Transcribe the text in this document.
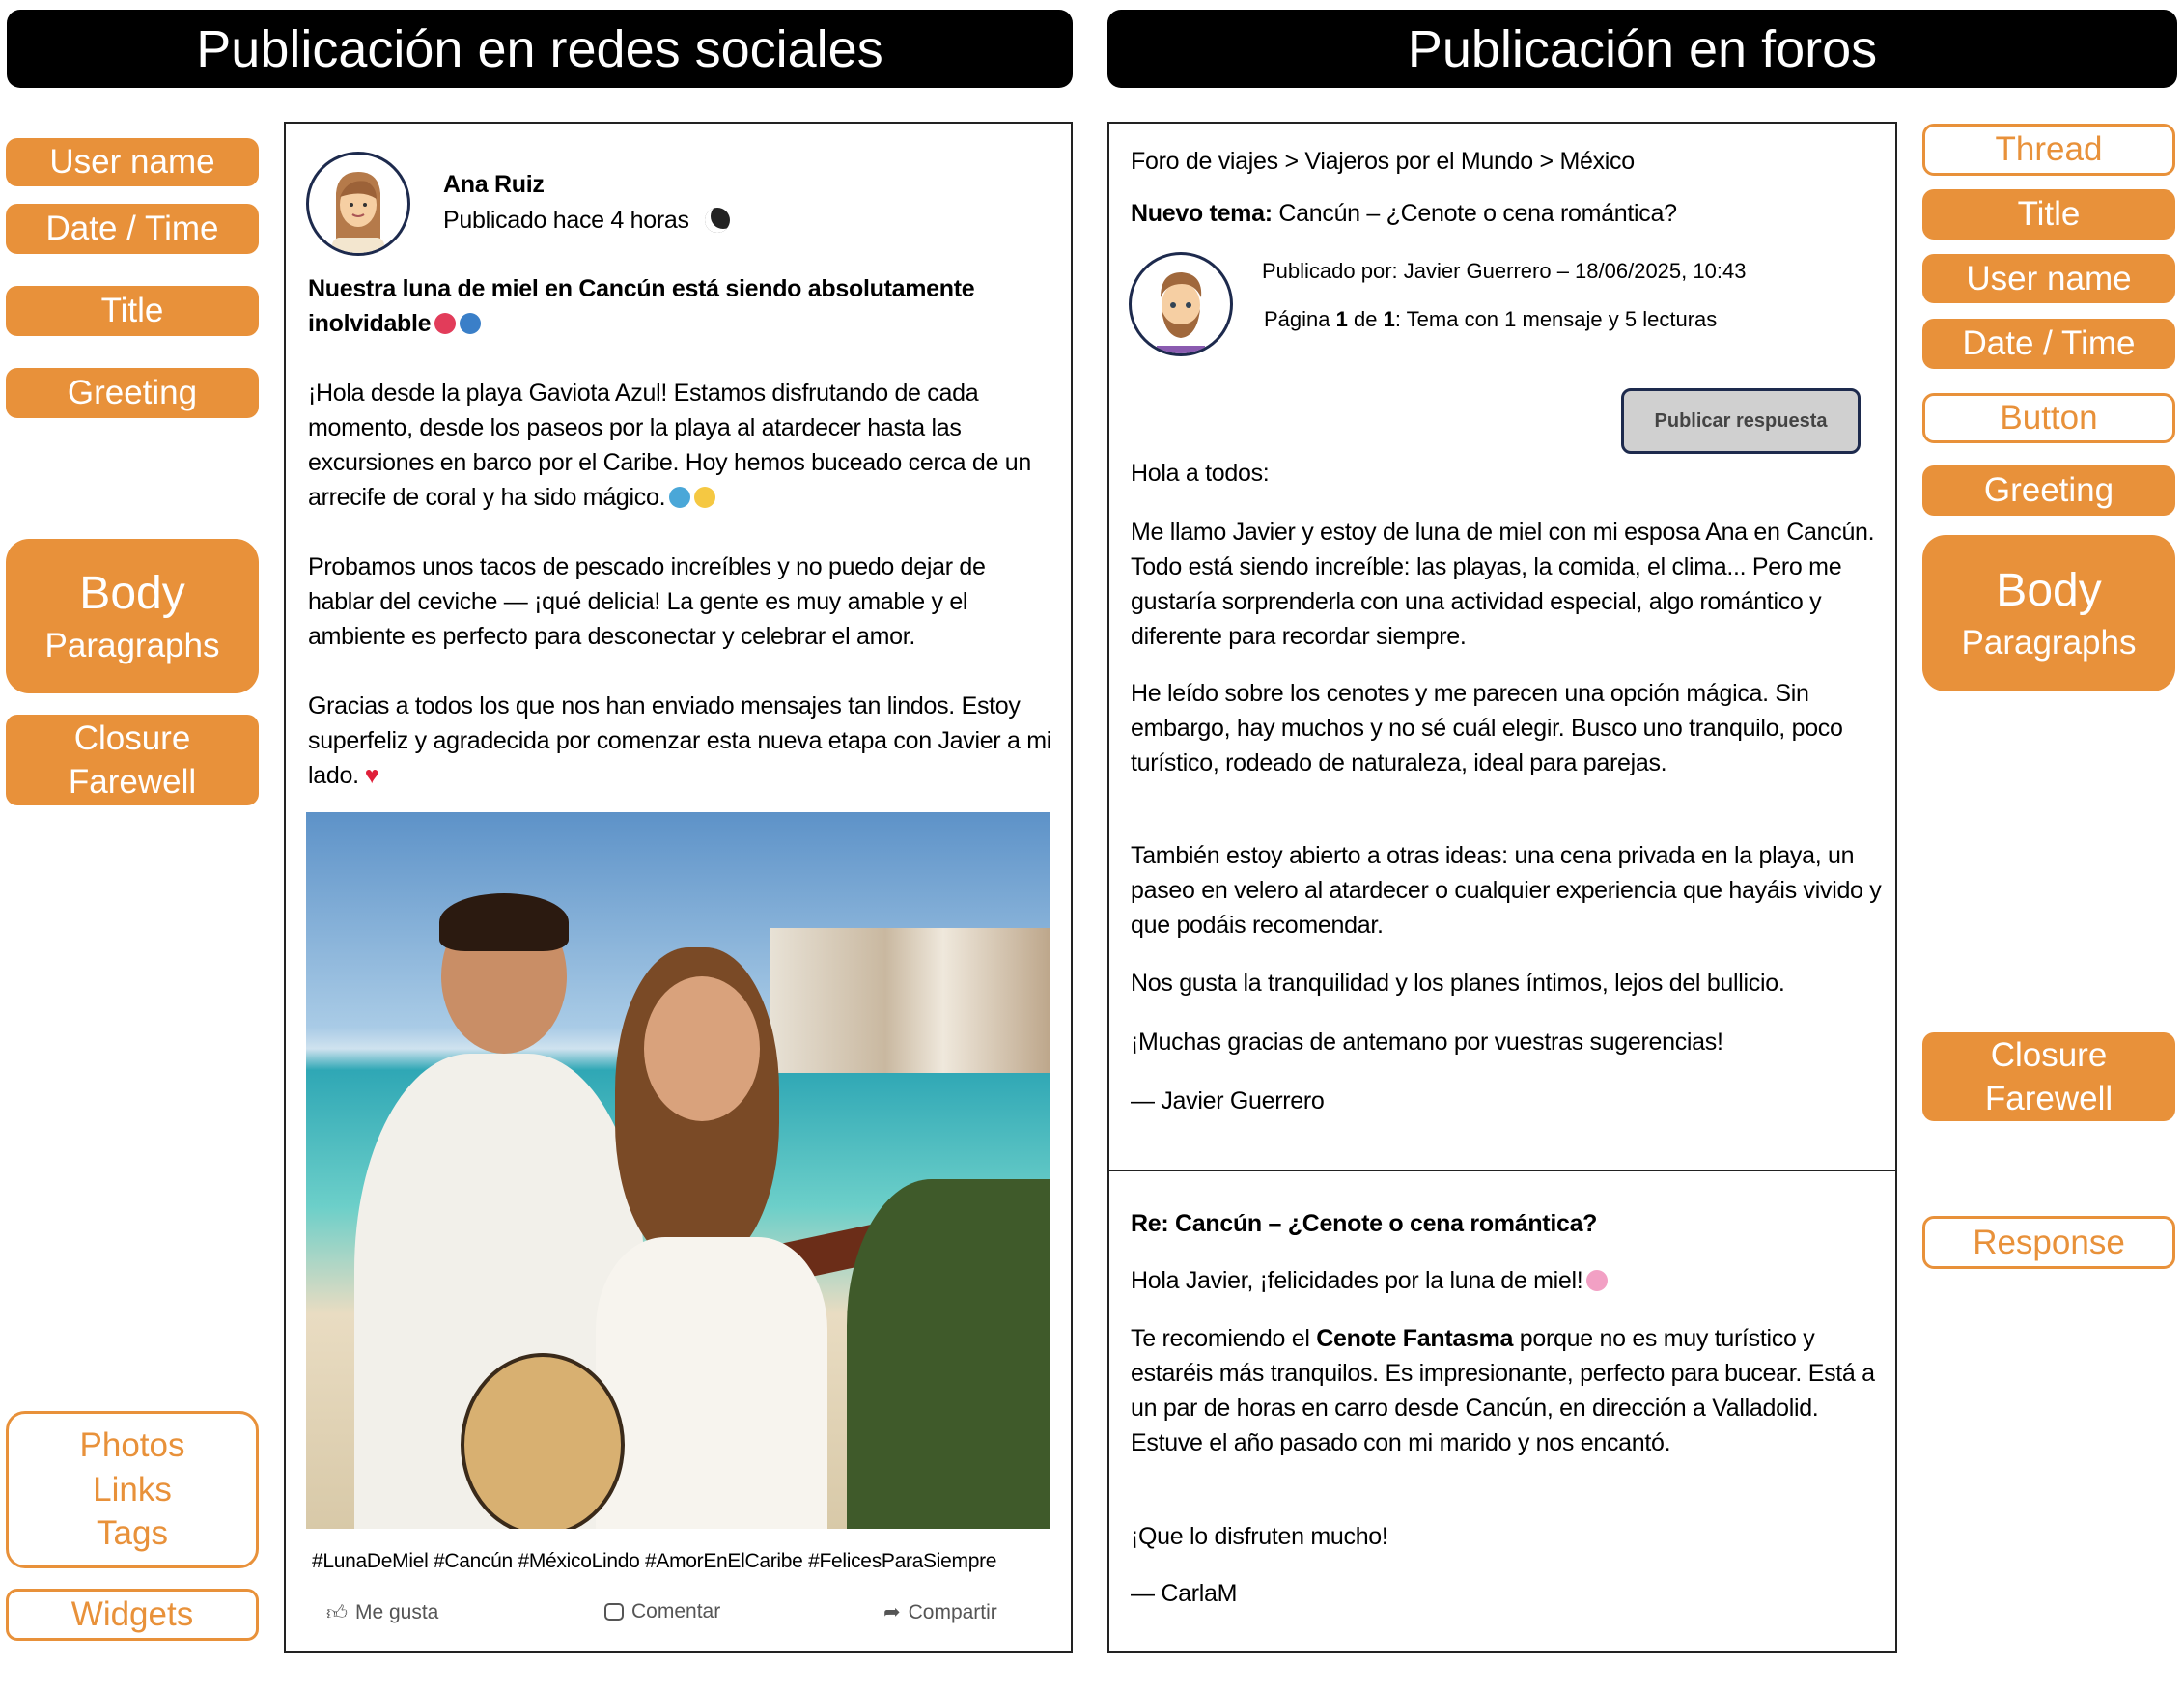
Publicación en redes sociales	Publicación en foros
User name
Date / Time
Title
Greeting
Body
Paragraphs
Closure
Farewell
Photos
Links
Tags
Widgets
Thread
Title
User name
Date / Time
Button
Greeting
Body
Paragraphs
Closure
Farewell
Response
Ana Ruiz
Publicado hace 4 horas
Nuestra luna de miel en Cancún está siendo absolutamente inolvidable
¡Hola desde la playa Gaviota Azul! Estamos disfrutando de cada momento, desde los paseos por la playa al atardecer hasta las excursiones en barco por el Caribe. Hoy hemos buceado cerca de un arrecife de coral y ha sido mágico.
Probamos unos tacos de pescado increíbles y no puedo dejar de hablar del ceviche — ¡qué delicia! La gente es muy amable y el ambiente es perfecto para desconectar y celebrar el amor.
Gracias a todos los que nos han enviado mensajes tan lindos. Estoy superfeliz y agradecida por comenzar esta nueva etapa con Javier a mi lado. ♥
#LunaDeMiel #Cancún #MéxicoLindo #AmorEnElCaribe #FelicesParaSiempre
👍︎ Me gusta	Comentar	➦ Compartir
Foro de viajes > Viajeros por el Mundo > México
Nuevo tema: Cancún – ¿Cenote o cena romántica?
Publicado por: Javier Guerrero – 18/06/2025, 10:43
Página 1 de 1: Tema con 1 mensaje y 5 lecturas
Publicar respuesta
Hola a todos:
Me llamo Javier y estoy de luna de miel con mi esposa Ana en Cancún. Todo está siendo increíble: las playas, la comida, el clima... Pero me gustaría sorprenderla con una actividad especial, algo romántico y diferente para recordar siempre.
He leído sobre los cenotes y me parecen una opción mágica. Sin embargo, hay muchos y no sé cuál elegir. Busco uno tranquilo, poco turístico, rodeado de naturaleza, ideal para parejas.
También estoy abierto a otras ideas: una cena privada en la playa, un paseo en velero al atardecer o cualquier experiencia que hayáis vivido y que podáis recomendar.
Nos gusta la tranquilidad y los planes íntimos, lejos del bullicio.
¡Muchas gracias de antemano por vuestras sugerencias!
— Javier Guerrero
Re: Cancún – ¿Cenote o cena romántica?
Hola Javier, ¡felicidades por la luna de miel!
Te recomiendo el Cenote Fantasma porque no es muy turístico y estaréis más tranquilos. Es impresionante, perfecto para bucear. Está a un par de horas en carro desde Cancún, en dirección a Valladolid. Estuve el año pasado con mi marido y nos encantó.
¡Que lo disfruten mucho!
— CarlaM
